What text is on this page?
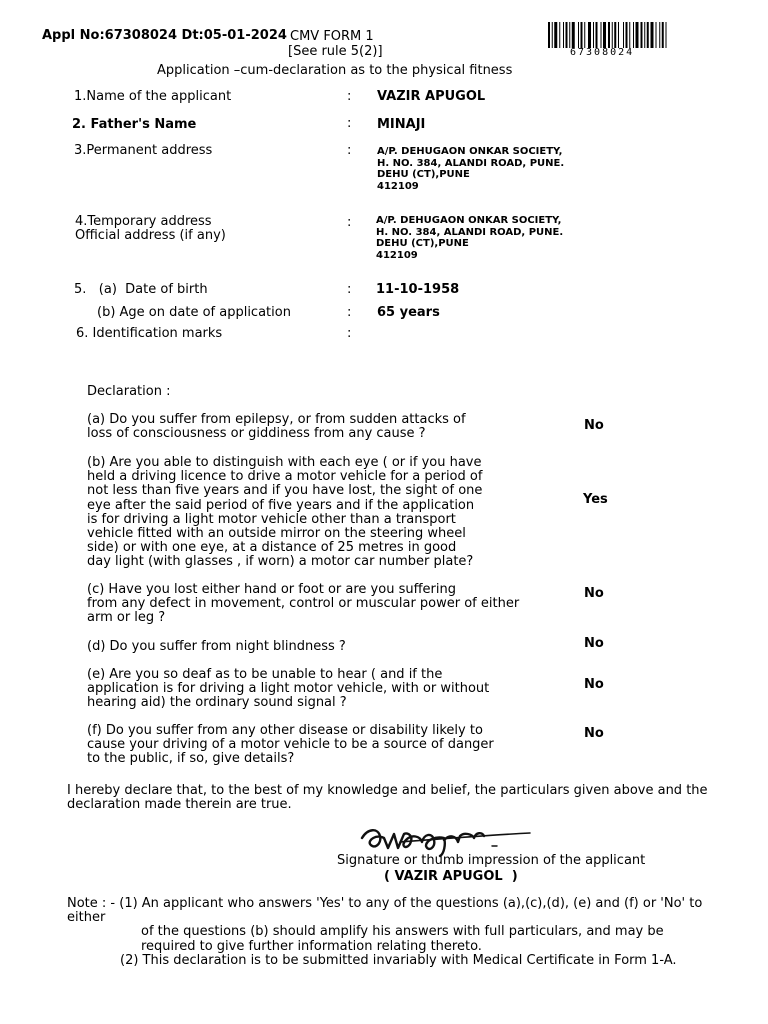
Appl No:67308024 Dt:05-01-2024 CMV FORM 1
[See rule 5(2)]
Application –cum-declaration as to the physical fitness
67308024
1.Name of the applicant	: VAZIR APUGOL
2. Father's Name	: MINAJI
3.Permanent address	:	A/P. DEHUGAON ONKAR SOCIETY,
H. NO. 384, ALANDI ROAD, PUNE.
DEHU (CT),PUNE
412109
4.Temporary address
Official address (if any)
: A/P. DEHUGAON ONKAR SOCIETY,
H. NO. 384, ALANDI ROAD, PUNE.
DEHU (CT),PUNE
412109
5.   (a)  Date of birth	: 11-10-1958
(b) Age on date of application	: 65 years
6. Identification marks	:
Declaration :
(a) Do you suffer from epilepsy, or from sudden attacks of
loss of consciousness or giddiness from any cause ?
No
(b) Are you able to distinguish with each eye ( or if you have
held a driving licence to drive a motor vehicle for a period of
not less than five years and if you have lost, the sight of one
eye after the said period of five years and if the application
is for driving a light motor vehicle other than a transport
vehicle fitted with an outside mirror on the steering wheel
side) or with one eye, at a distance of 25 metres in good
day light (with glasses , if worn) a motor car number plate?
Yes
(c) Have you lost either hand or foot or are you suffering
from any defect in movement, control or muscular power of either
arm or leg ?
No
(d) Do you suffer from night blindness ?	No
(e) Are you so deaf as to be unable to hear ( and if the
application is for driving a light motor vehicle, with or without
hearing aid) the ordinary sound signal ?
No
(f) Do you suffer from any other disease or disability likely to
cause your driving of a motor vehicle to be a source of danger
to the public, if so, give details?
No
I hereby declare that, to the best of my knowledge and belief, the particulars given above and the
declaration made therein are true.
Signature or thumb impression of the applicant
( VAZIR APUGOL  )
Note : - (1) An applicant who answers 'Yes' to any of the questions (a),(c),(d), (e) and (f) or 'No' to
either
of the questions (b) should amplify his answers with full particulars, and may be
required to give further information relating thereto.
(2) This declaration is to be submitted invariably with Medical Certificate in Form 1-A.
